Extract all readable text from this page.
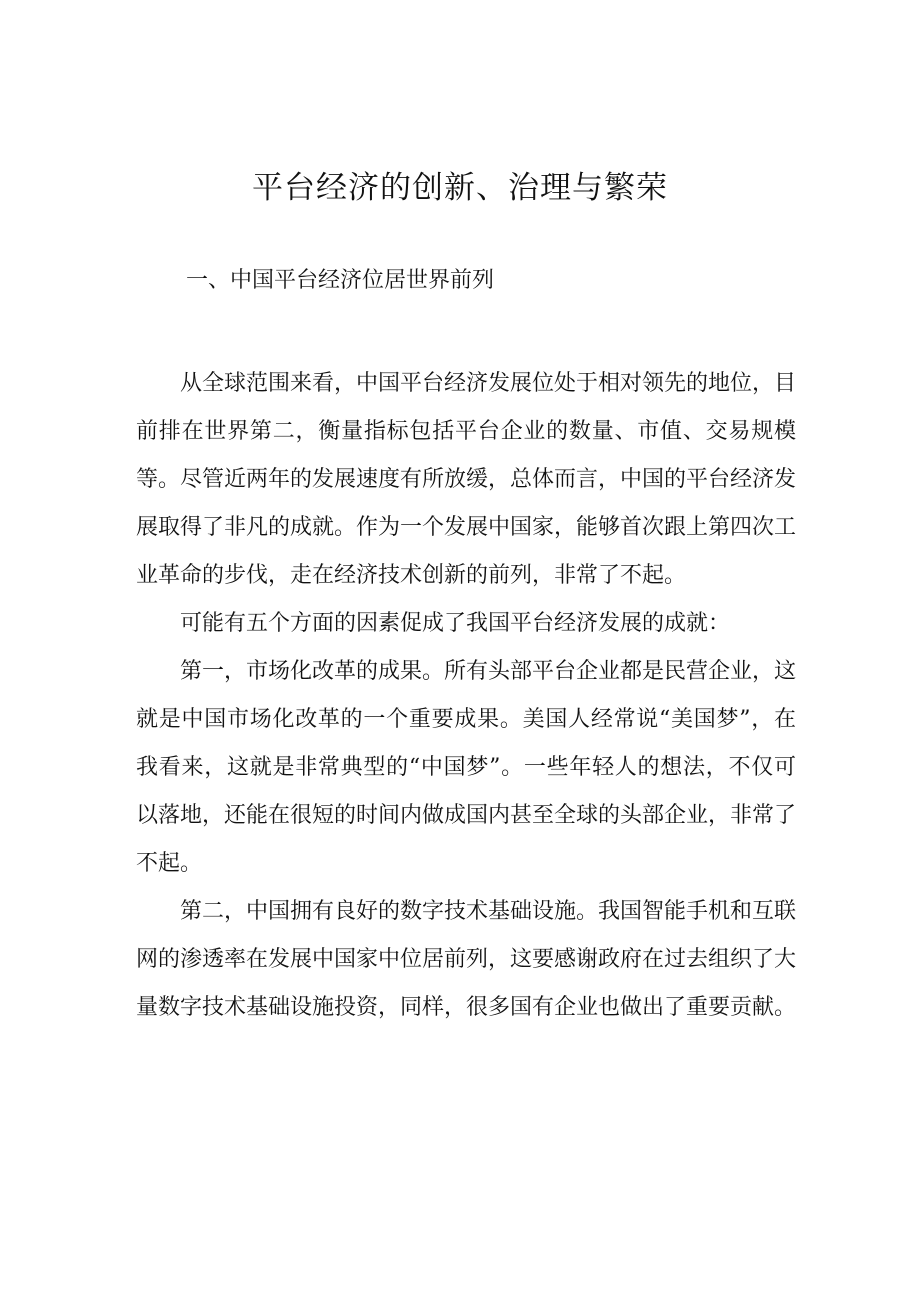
平台经济的创新、治理与繁荣
一、中国平台经济位居世界前列

从全球范围来看，中国平台经济发展位处于相对领先的地位，目前排在世界第二，衡量指标包括平台企业的数量、市值、交易规模等。尽管近两年的发展速度有所放缓，总体而言，中国的平台经济发展取得了非凡的成就。作为一个发展中国家，能够首次跟上第四次工业革命的步伐，走在经济技术创新的前列，非常了不起。

可能有五个方面的因素促成了我国平台经济发展的成就：

第一，市场化改革的成果。所有头部平台企业都是民营企业，这就是中国市场化改革的一个重要成果。美国人经常说“美国梦”，在我看来，这就是非常典型的“中国梦”。一些年轻人的想法，不仅可以落地，还能在很短的时间内做成国内甚至全球的头部企业，非常了不起。

第二，中国拥有良好的数字技术基础设施。我国智能手机和互联网的渗透率在发展中国家中位居前列，这要感谢政府在过去组织了大量数字技术基础设施投资，同样，很多国有企业也做出了重要贡献。
